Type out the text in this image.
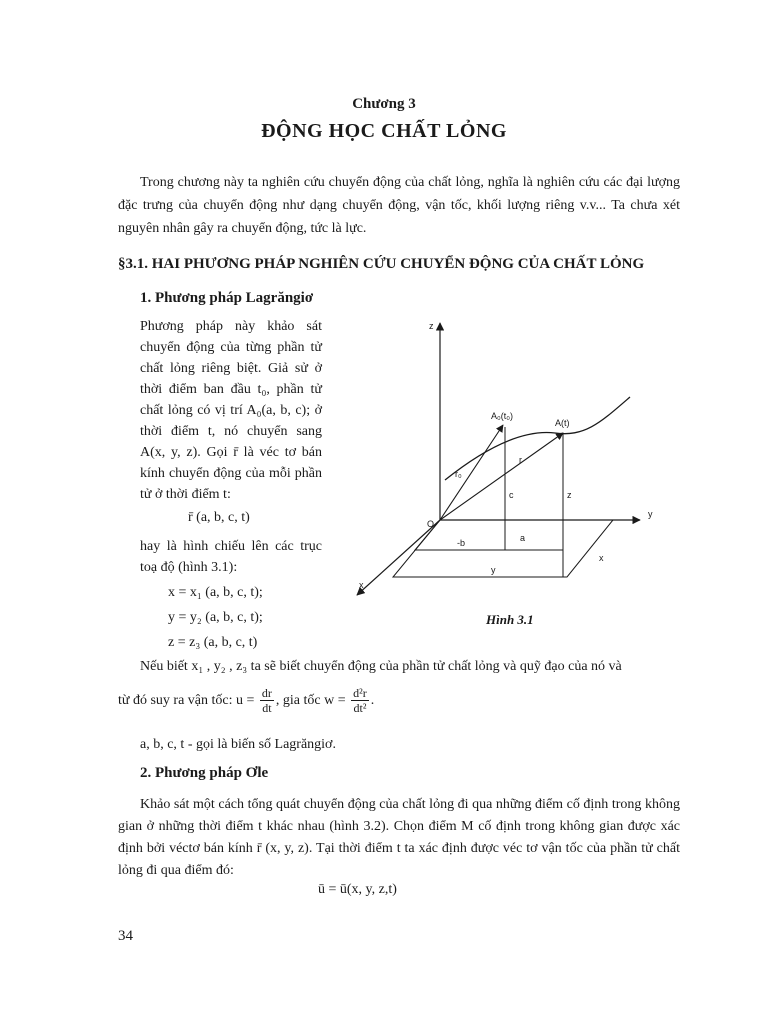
Chương 3
ĐỘNG HỌC CHẤT LỎNG

Trong chương này ta nghiên cứu chuyển động của chất lỏng, nghĩa là nghiên cứu các đại lượng đặc trưng của chuyển động như dạng chuyển động, vận tốc, khối lượng riêng v.v... Ta chưa xét nguyên nhân gây ra chuyển động, tức là lực.

§3.1. HAI PHƯƠNG PHÁP NGHIÊN CỨU CHUYỂN ĐỘNG CỦA CHẤT LỎNG

1. Phương pháp Lagrăngiơ

Phương pháp này khảo sát chuyển động của từng phần tử chất lỏng riêng biệt. Giả sử ở thời điểm ban đầu t₀, phần tử chất lỏng có vị trí A₀(a, b, c); ở thời điểm t, nó chuyển sang A(x, y, z). Gọi r̄ là véc tơ bán kính chuyển động của mỗi phần tử ở thời điểm t:

r̄ (a, b, c, t)

hay là hình chiếu lên các trục toạ độ (hình 3.1):

x = x₁ (a, b, c, t);
y = y₂ (a, b, c, t);
z = z₃ (a, b, c, t)
z
y
x
O
A₀(t₀)
A(t)
r₀
r
c	z
a
-b
y
x
Hình 3.1

Nếu biết x₁ , y₂ , z₃ ta sẽ biết chuyển động của phần tử chất lỏng và quỹ đạo của nó và

từ đó suy ra vận tốc: $u = \frac{dr}{dt}$ , gia tốc $w = \frac{\text{d²r}}{\text{dt²}}$ .

a, b, c, t - gọi là biến số Lagrăngiơ.

2. Phương pháp Ơle

Khảo sát một cách tổng quát chuyển động của chất lỏng đi qua những điểm cố định trong không gian ở những thời điểm t khác nhau (hình 3.2). Chọn điểm M cố định trong không gian được xác định bởi véctơ bán kính r̄ (x, y, z). Tại thời điểm t ta xác định được véc tơ vận tốc của phần tử chất lỏng đi qua điểm đó:

ū = ū(x, y, z,t)
34
